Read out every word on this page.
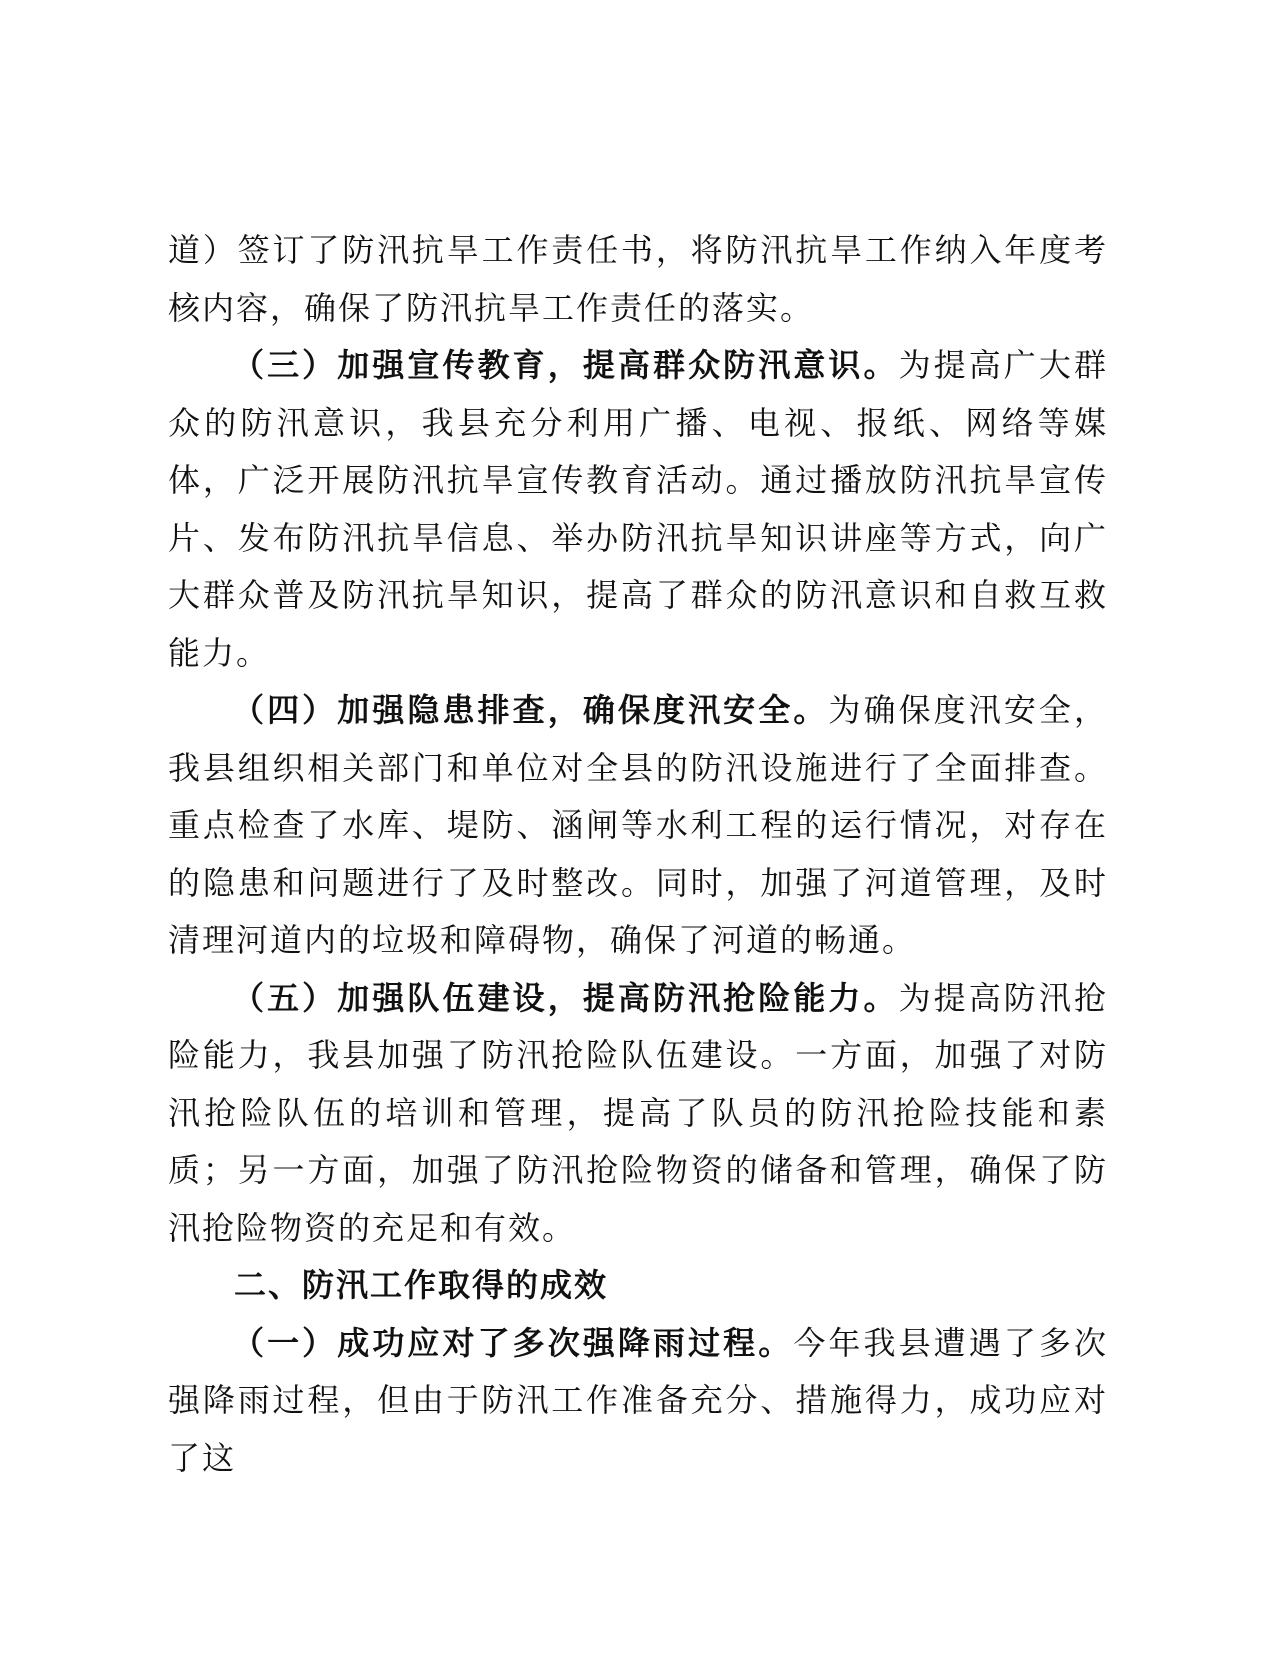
道）签订了防汛抗旱工作责任书，将防汛抗旱工作纳入年度考核内容，确保了防汛抗旱工作责任的落实。

（三）加强宣传教育，提高群众防汛意识。为提高广大群众的防汛意识，我县充分利用广播、电视、报纸、网络等媒体，广泛开展防汛抗旱宣传教育活动。通过播放防汛抗旱宣传片、发布防汛抗旱信息、举办防汛抗旱知识讲座等方式，向广大群众普及防汛抗旱知识，提高了群众的防汛意识和自救互救能力。

（四）加强隐患排查，确保度汛安全。为确保度汛安全，我县组织相关部门和单位对全县的防汛设施进行了全面排查。重点检查了水库、堤防、涵闸等水利工程的运行情况，对存在的隐患和问题进行了及时整改。同时，加强了河道管理，及时清理河道内的垃圾和障碍物，确保了河道的畅通。

（五）加强队伍建设，提高防汛抢险能力。为提高防汛抢险能力，我县加强了防汛抢险队伍建设。一方面，加强了对防汛抢险队伍的培训和管理，提高了队员的防汛抢险技能和素质；另一方面，加强了防汛抢险物资的储备和管理，确保了防汛抢险物资的充足和有效。

二、防汛工作取得的成效

（一）成功应对了多次强降雨过程。今年我县遭遇了多次强降雨过程，但由于防汛工作准备充分、措施得力，成功应对了这
